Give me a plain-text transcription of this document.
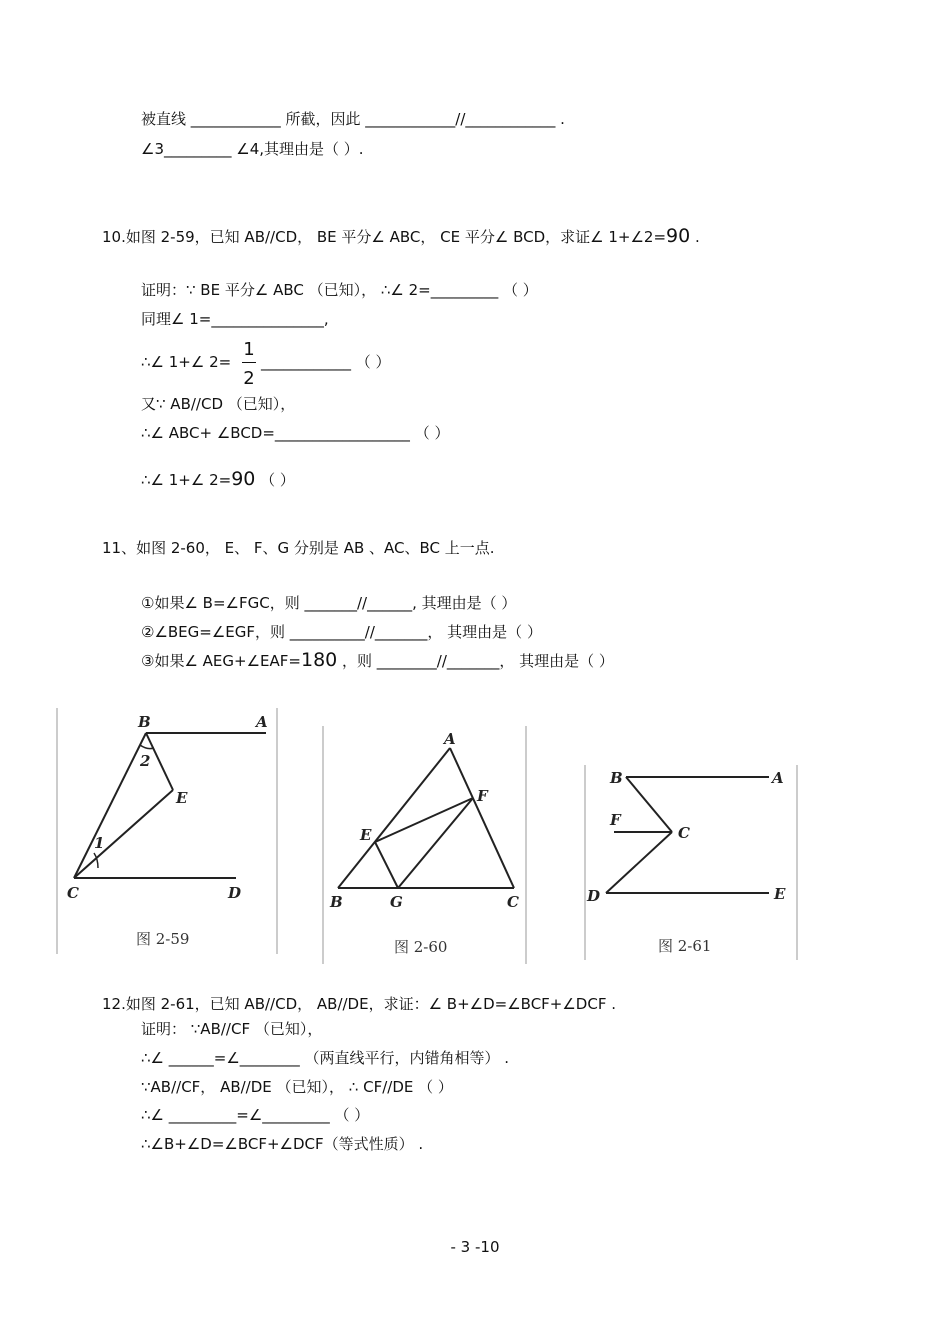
被直线 ____________ 所截，因此 ____________//____________ .
∠3_________ ∠4,其理由是（ ）.
10.如图 2-59，已知 AB//CD， BE 平分∠ ABC， CE 平分∠ BCD，求证∠ 1+∠2=90 .
证明：∵ BE 平分∠ ABC （已知）， ∴∠ 2=_________ （ ）
同理∠ 1=_______________,
∴∠ 1+∠ 2=
1
2
____________ （ ）
又∵ AB//CD （已知），
∴∠ ABC+ ∠BCD=__________________ （ ）
∴∠ 1+∠ 2=90 （ ）
11、如图 2-60， E、 F、G 分别是 AB 、AC、BC 上一点.
①如果∠ B=∠FGC，则 _______//______, 其理由是（ ）
②∠BEG=∠EGF，则 __________//_______， 其理由是（ ）
③如果∠ AEG+∠EAF=180 ，则 ________//_______， 其理由是（ ）
B	A
2
E
1
C	D
图 2-59
A
F
E
B	G	C
图 2-60
B	A
F
C
D	E
图 2-61
12.如图 2-61，已知 AB//CD， AB//DE，求证：∠ B+∠D=∠BCF+∠DCF .
证明： ∵AB//CF （已知），
∴∠ ______=∠________ （两直线平行，内错角相等） .
∵AB//CF， AB//DE （已知）， ∴ CF//DE （ ）
∴∠ _________=∠_________ （ ）
∴∠B+∠D=∠BCF+∠DCF（等式性质） .
- 3 -10
